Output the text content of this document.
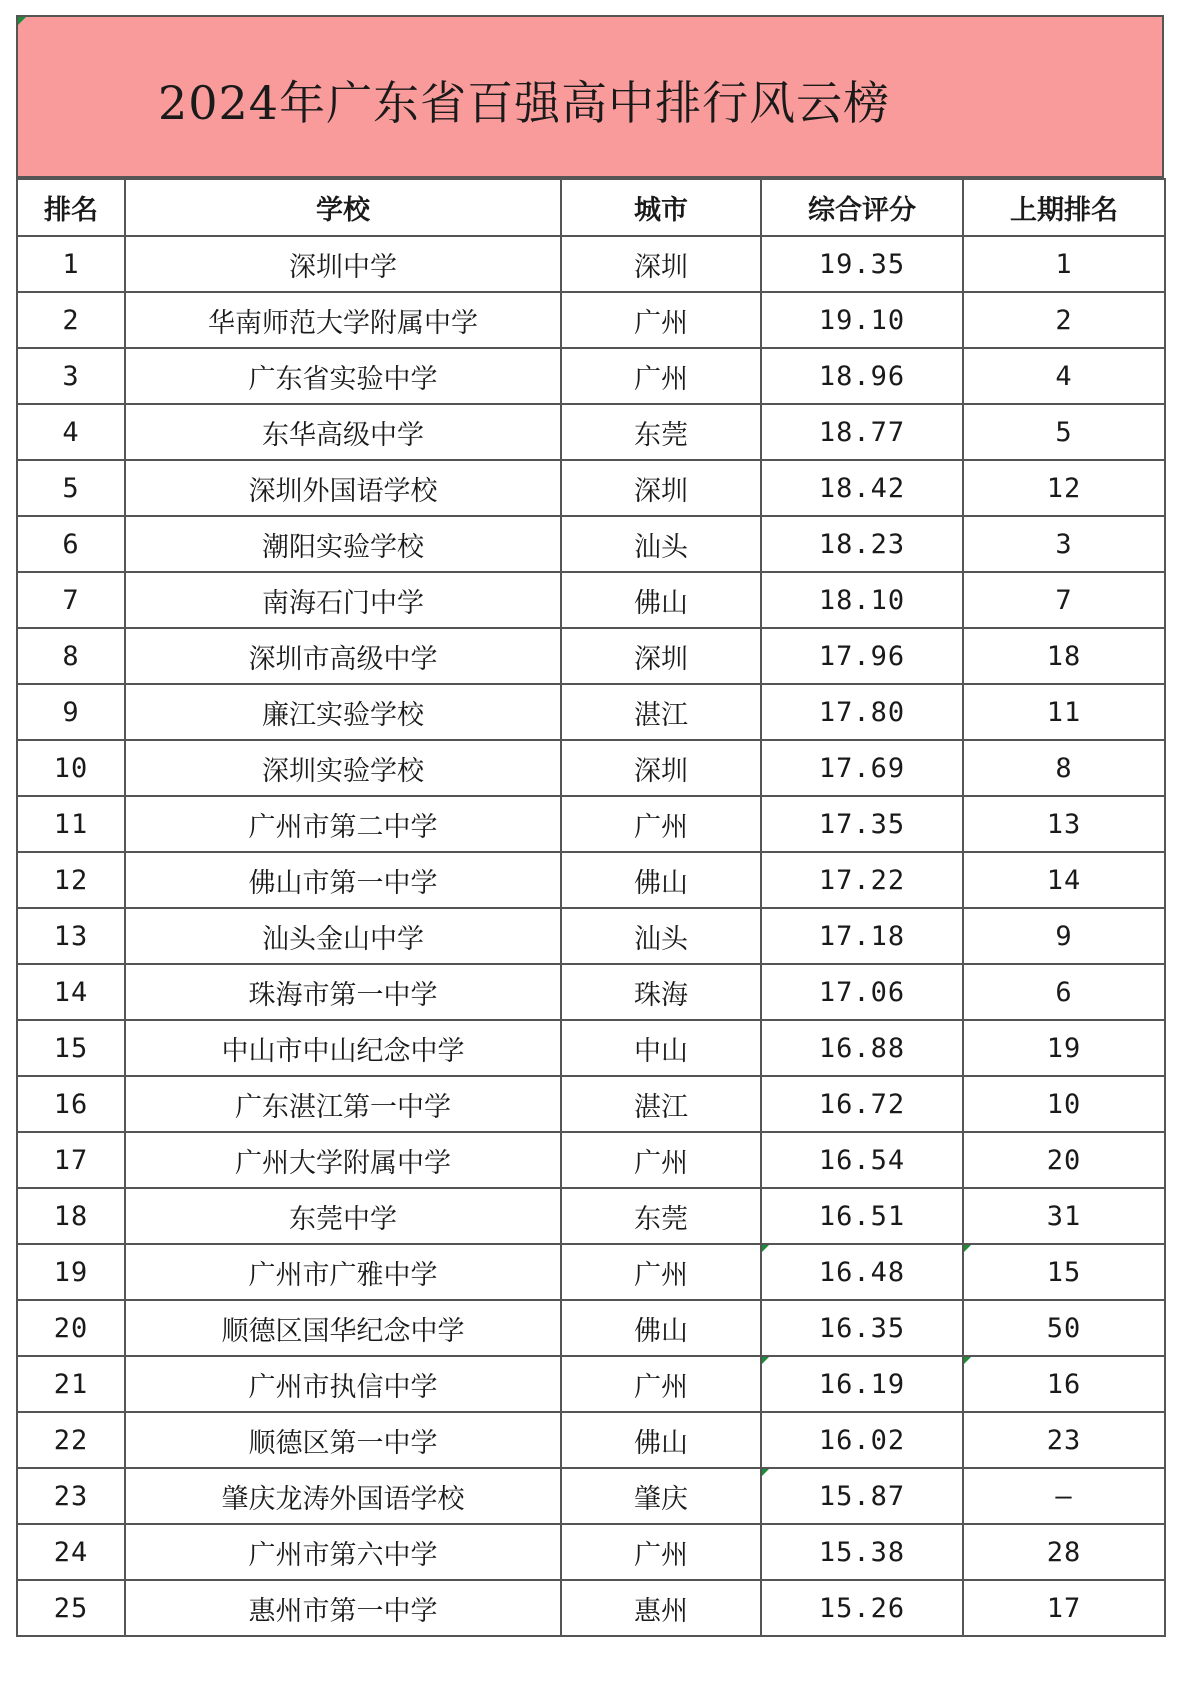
2024年广东省百强高中排行风云榜
排名	学校	城市	综合评分	上期排名
1	深圳中学	深圳	19.35	1
2	华南师范大学附属中学	广州	19.10	2
3	广东省实验中学	广州	18.96	4
4	东华高级中学	东莞	18.77	5
5	深圳外国语学校	深圳	18.42	12
6	潮阳实验学校	汕头	18.23	3
7	南海石门中学	佛山	18.10	7
8	深圳市高级中学	深圳	17.96	18
9	廉江实验学校	湛江	17.80	11
10	深圳实验学校	深圳	17.69	8
11	广州市第二中学	广州	17.35	13
12	佛山市第一中学	佛山	17.22	14
13	汕头金山中学	汕头	17.18	9
14	珠海市第一中学	珠海	17.06	6
15	中山市中山纪念中学	中山	16.88	19
16	广东湛江第一中学	湛江	16.72	10
17	广州大学附属中学	广州	16.54	20
18	东莞中学	东莞	16.51	31
19	广州市广雅中学	广州	16.48	15

20	顺德区国华纪念中学	佛山	16.35	50
21	广州市执信中学	广州	16.19	16

22	顺德区第一中学	佛山	16.02	23
23	肇庆龙涛外国语学校	肇庆	15.87	—
24	广州市第六中学	广州	15.38	28
25	惠州市第一中学	惠州	15.26	17
